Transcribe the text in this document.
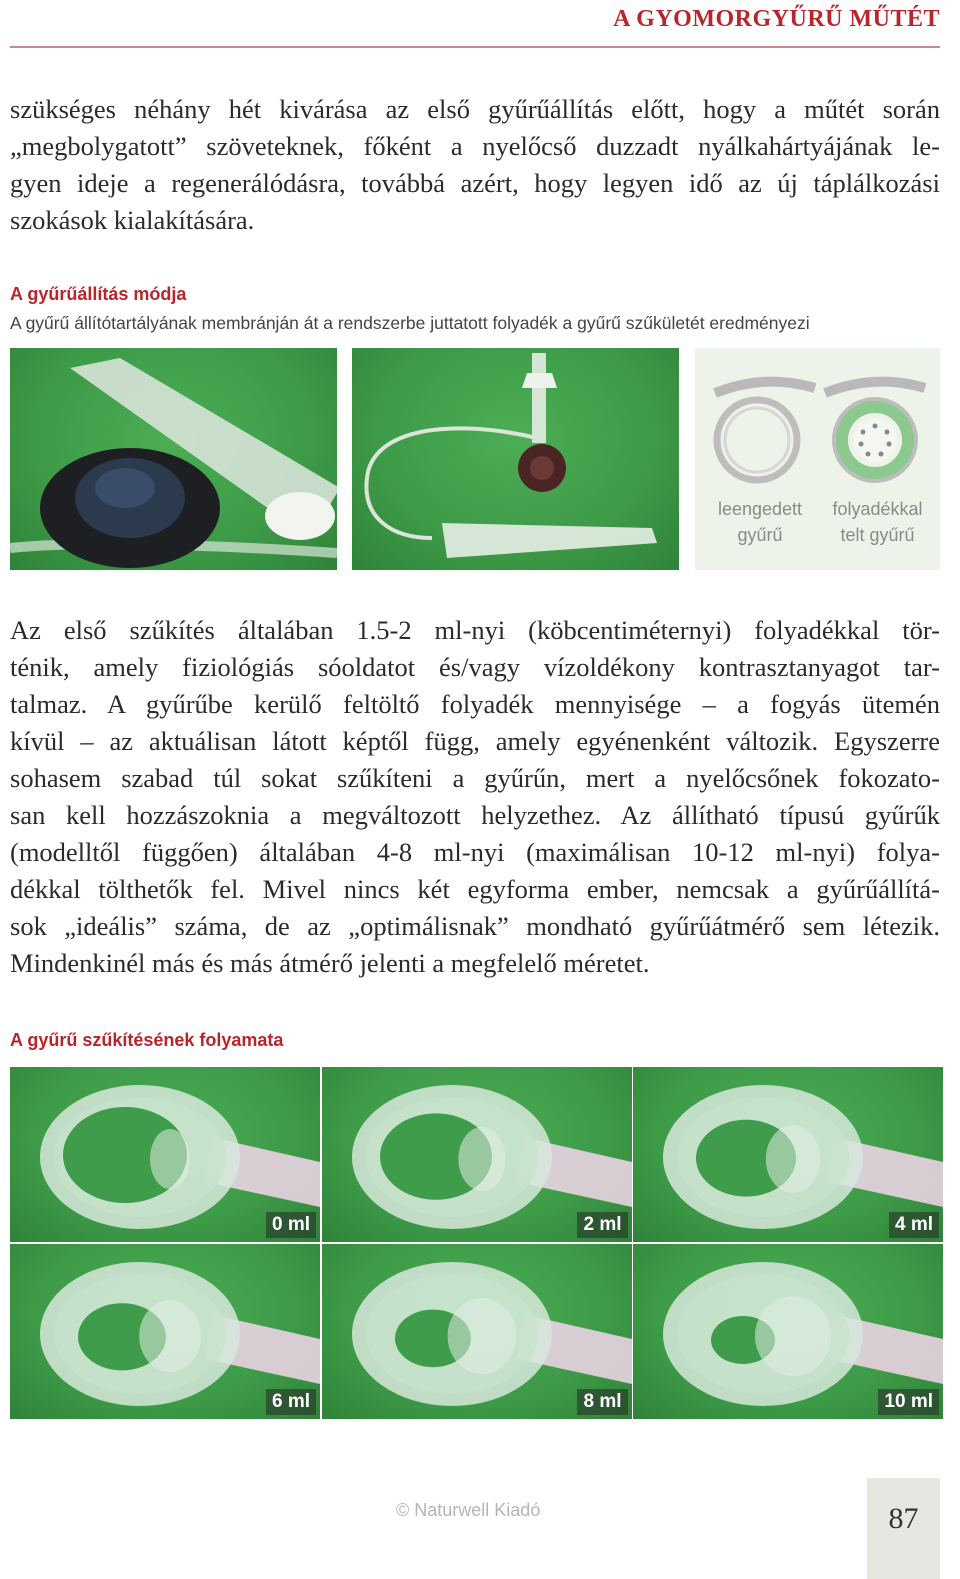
A GYOMORGYŰRŰ MŰTÉT
szükséges néhány hét kivárása az első gyűrűállítás előtt, hogy a műtét során
„megbolygatott” szöveteknek, főként a nyelőcső duzzadt nyálkahártyájának le-
gyen ideje a regenerálódásra, továbbá azért, hogy legyen idő az új táplálkozási
szokások kialakítására.
A gyűrűállítás módja
A gyűrű állítótartályának membránján át a rendszerbe juttatott folyadék a gyűrű szűkületét eredményezi
leengedett
gyűrű
folyadékkal
telt gyűrű
Az első szűkítés általában 1.5-2 ml-nyi (köbcentiméternyi) folyadékkal tör-
ténik, amely fiziológiás sóoldatot és/vagy vízoldékony kontrasztanyagot tar-
talmaz. A gyűrűbe kerülő feltöltő folyadék mennyisége – a fogyás ütemén
kívül – az aktuálisan látott képtől függ, amely egyénenként változik. Egyszerre
sohasem szabad túl sokat szűkíteni a gyűrűn, mert a nyelőcsőnek fokozato-
san kell hozzászoknia a megváltozott helyzethez. Az állítható típusú gyűrűk
(modelltől függően) általában 4-8 ml-nyi (maximálisan 10-12 ml-nyi) folya-
dékkal tölthetők fel. Mivel nincs két egyforma ember, nemcsak a gyűrűállítá-
sok „ideális” száma, de az „optimálisnak” mondható gyűrűátmérő sem létezik.
Mindenkinél más és más átmérő jelenti a megfelelő méretet.
A gyűrű szűkítésének folyamata
0 ml	2 ml	4 ml
6 ml	8 ml	10 ml
© Naturwell Kiadó	87
